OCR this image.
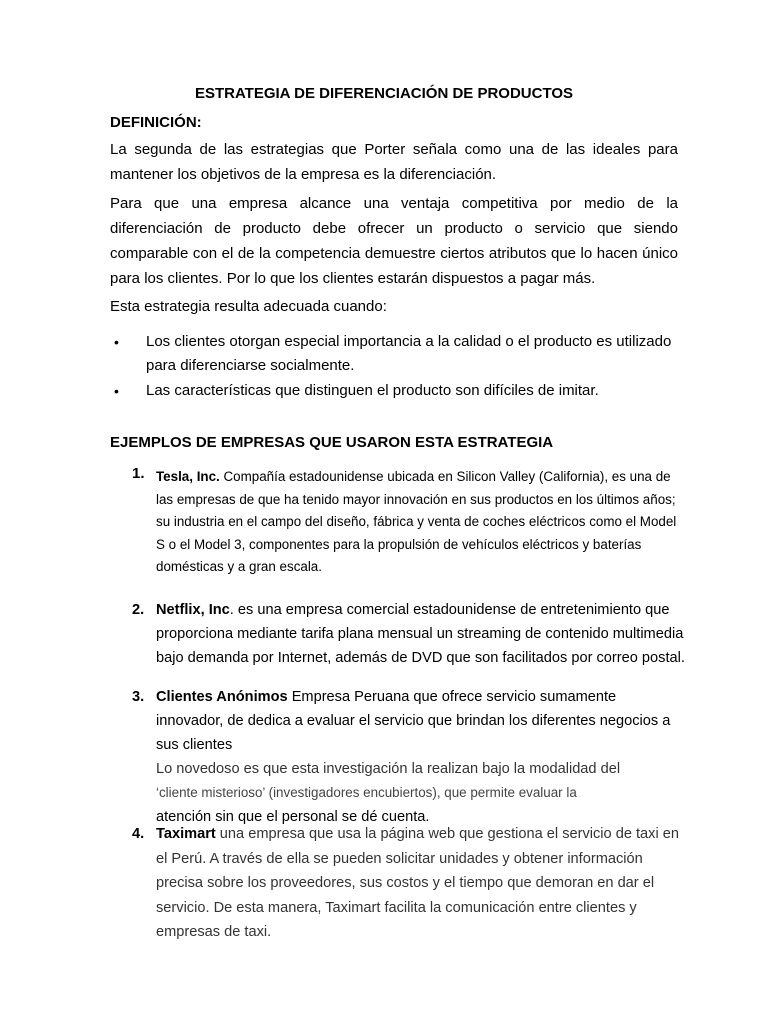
ESTRATEGIA DE DIFERENCIACIÓN DE PRODUCTOS
DEFINICIÓN:

La segunda de las estrategias que Porter señala como una de las ideales para mantener los objetivos de la empresa es la diferenciación.

Para que una empresa alcance una ventaja competitiva por medio de la diferenciación de producto debe ofrecer un producto o servicio que siendo comparable con el de la competencia demuestre ciertos atributos que lo hacen único para los clientes. Por lo que los clientes estarán dispuestos a pagar más.

Esta estrategia resulta adecuada cuando:

• Los clientes otorgan especial importancia a la calidad o el producto es utilizado para diferenciarse socialmente.
• Las características que distinguen el producto son difíciles de imitar.
EJEMPLOS DE EMPRESAS QUE USARON ESTA ESTRATEGIA
1. Tesla, Inc. Compañía estadounidense ubicada en Silicon Valley (California), es una de las empresas de que ha tenido mayor innovación en sus productos en los últimos años; su industria en el campo del diseño, fábrica y venta de coches eléctricos como el Model S o el Model 3, componentes para la propulsión de vehículos eléctricos y baterías domésticas y a gran escala.
2. Netflix, Inc. es una empresa comercial estadounidense de entretenimiento que proporciona mediante tarifa plana mensual un streaming de contenido multimedia bajo demanda por Internet, además de DVD que son facilitados por correo postal.
3. Clientes Anónimos Empresa Peruana que ofrece servicio sumamente innovador, de dedica a evaluar el servicio que brindan los diferentes negocios a sus clientes
Lo novedoso es que esta investigación la realizan bajo la modalidad del
‘cliente misterioso’ (investigadores encubiertos), que permite evaluar la
atención sin que el personal se dé cuenta.
4. Taximart una empresa que usa la página web que gestiona el servicio de taxi en el Perú. A través de ella se pueden solicitar unidades y obtener información precisa sobre los proveedores, sus costos y el tiempo que demoran en dar el servicio. De esta manera, Taximart facilita la comunicación entre clientes y empresas de taxi.
